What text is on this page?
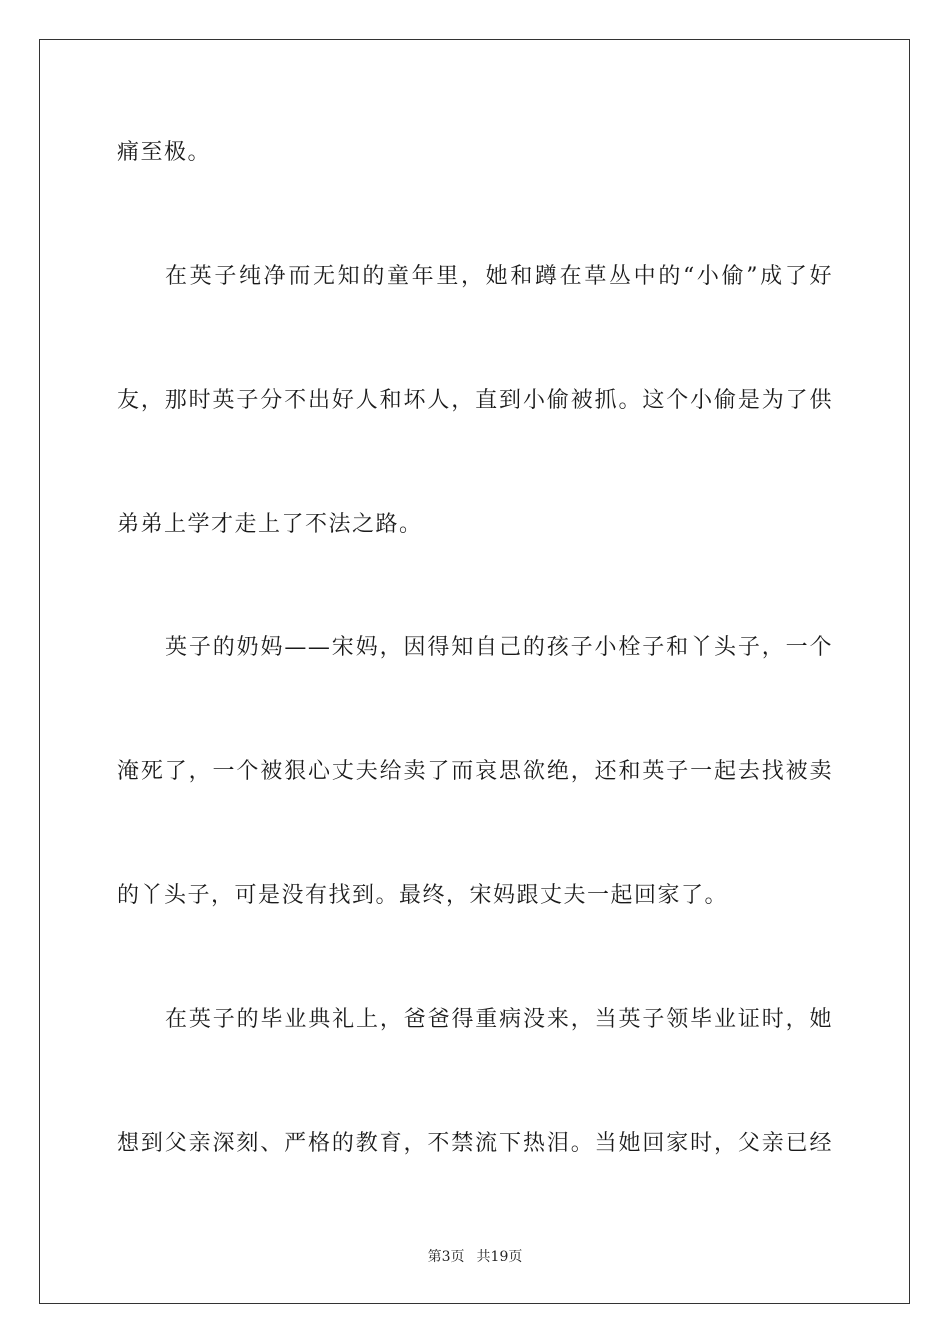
痛至极。
在英子纯净而无知的童年里，她和蹲在草丛中的“小偷”成了好
友，那时英子分不出好人和坏人，直到小偷被抓。这个小偷是为了供
弟弟上学才走上了不法之路。
英子的奶妈——宋妈，因得知自己的孩子小栓子和丫头子，一个
淹死了，一个被狠心丈夫给卖了而哀思欲绝，还和英子一起去找被卖
的丫头子，可是没有找到。最终，宋妈跟丈夫一起回家了。
在英子的毕业典礼上，爸爸得重病没来，当英子领毕业证时，她
想到父亲深刻、严格的教育，不禁流下热泪。当她回家时，父亲已经
第3页 共19页
